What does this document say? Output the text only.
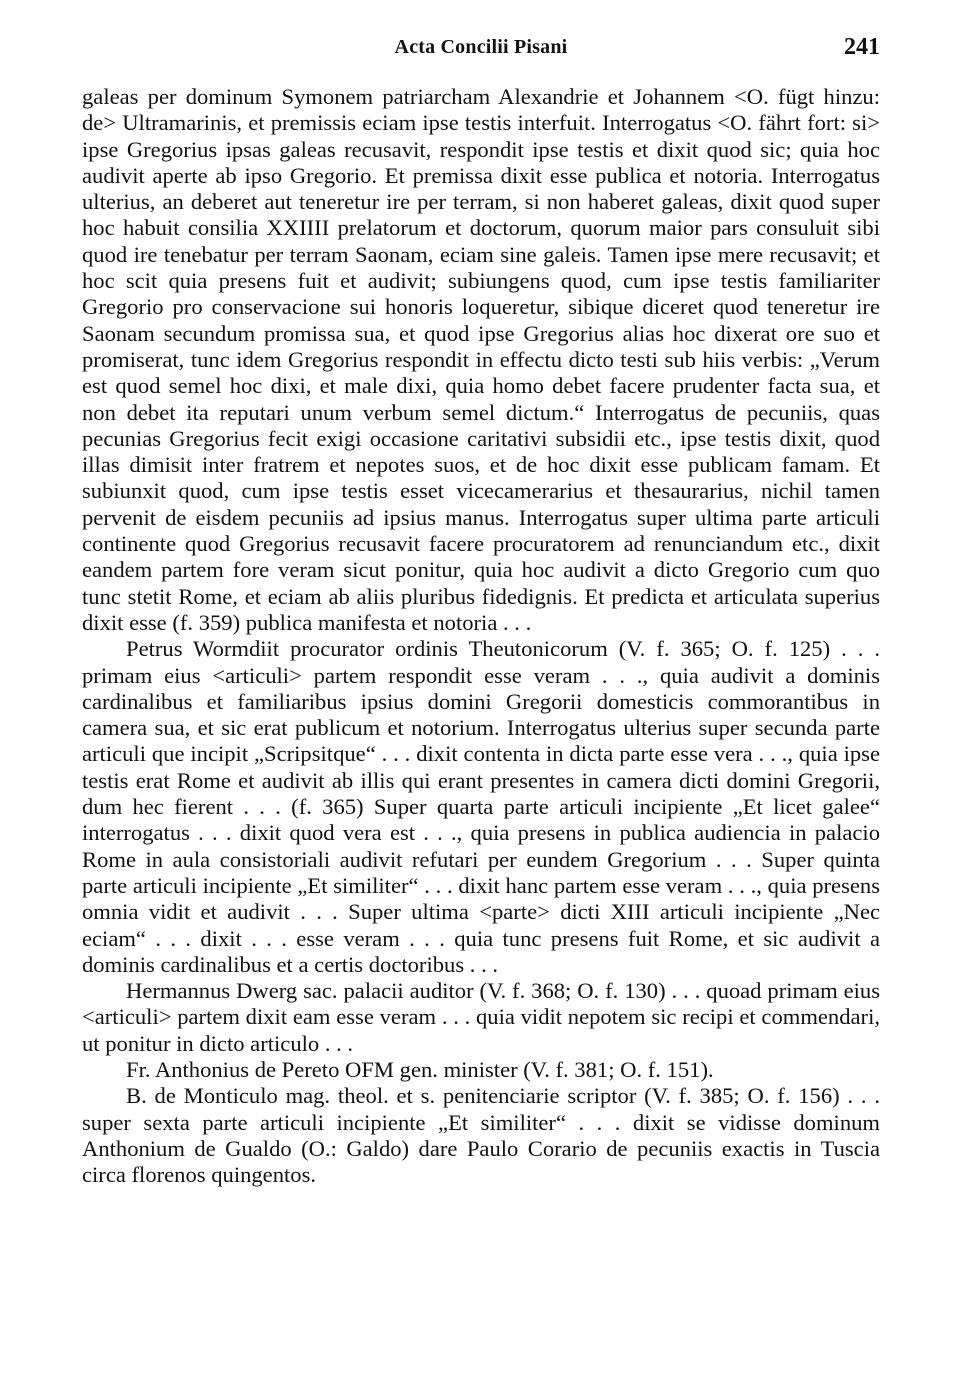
Acta Concilii Pisani	241

galeas per dominum Symonem patriarcham Alexandrie et Johannem <O. fügt hinzu: de> Ultramarinis, et premissis eciam ipse testis interfuit. Interrogatus <O. fährt fort: si> ipse Gregorius ipsas galeas recusavit, respondit ipse testis et dixit quod sic; quia hoc audivit aperte ab ipso Gregorio. Et premissa dixit esse publica et notoria. Interrogatus ulterius, an deberet aut teneretur ire per terram, si non haberet galeas, dixit quod super hoc habuit consilia XXIIII prelatorum et doctorum, quorum maior pars consuluit sibi quod ire tenebatur per terram Saonam, eciam sine galeis. Tamen ipse mere recusavit; et hoc scit quia presens fuit et audivit; subiungens quod, cum ipse testis familiariter Gregorio pro conservacione sui honoris loqueretur, sibique diceret quod teneretur ire Saonam secundum promissa sua, et quod ipse Gregorius alias hoc dixerat ore suo et promiserat, tunc idem Gregorius respondit in effectu dicto testi sub hiis verbis: „Verum est quod semel hoc dixi, et male dixi, quia homo debet facere prudenter facta sua, et non debet ita reputari unum verbum semel dictum.“ Interrogatus de pecuniis, quas pecunias Gregorius fecit exigi occasione caritativi subsidii etc., ipse testis dixit, quod illas dimisit inter fratrem et nepotes suos, et de hoc dixit esse publicam famam. Et subiunxit quod, cum ipse testis esset vicecamerarius et thesaurarius, nichil tamen pervenit de eisdem pecuniis ad ipsius manus. Interrogatus super ultima parte articuli continente quod Gregorius recusavit facere procuratorem ad renunciandum etc., dixit eandem partem fore veram sicut ponitur, quia hoc audivit a dicto Gregorio cum quo tunc stetit Rome, et eciam ab aliis pluribus fidedignis. Et predicta et articulata superius dixit esse (f. 359) publica manifesta et notoria . . .

Petrus Wormdiit procurator ordinis Theutonicorum (V. f. 365; O. f. 125) . . . primam eius <articuli> partem respondit esse veram . . ., quia audivit a dominis cardinalibus et familiaribus ipsius domini Gregorii domesticis commorantibus in camera sua, et sic erat publicum et notorium. Interrogatus ulterius super secunda parte articuli que incipit „Scripsitque“ . . . dixit contenta in dicta parte esse vera . . ., quia ipse testis erat Rome et audivit ab illis qui erant presentes in camera dicti domini Gregorii, dum hec fierent . . . (f. 365) Super quarta parte articuli incipiente „Et licet galee“ interrogatus . . . dixit quod vera est . . ., quia presens in publica audiencia in palacio Rome in aula consistoriali audivit refutari per eundem Gregorium . . . Super quinta parte articuli incipiente „Et similiter“ . . . dixit hanc partem esse veram . . ., quia presens omnia vidit et audivit . . . Super ultima <parte> dicti XIII articuli incipiente „Nec eciam“ . . . dixit . . . esse veram . . . quia tunc presens fuit Rome, et sic audivit a dominis cardinalibus et a certis doctoribus . . .

Hermannus Dwerg sac. palacii auditor (V. f. 368; O. f. 130) . . . quoad primam eius <articuli> partem dixit eam esse veram . . . quia vidit nepotem sic recipi et commendari, ut ponitur in dicto articulo . . .

Fr. Anthonius de Pereto OFM gen. minister (V. f. 381; O. f. 151).

B. de Monticulo mag. theol. et s. penitenciarie scriptor (V. f. 385; O. f. 156) . . . super sexta parte articuli incipiente „Et similiter“ . . . dixit se vidisse dominum Anthonium de Gualdo (O.: Galdo) dare Paulo Corario de pecuniis exactis in Tuscia circa florenos quingentos.
